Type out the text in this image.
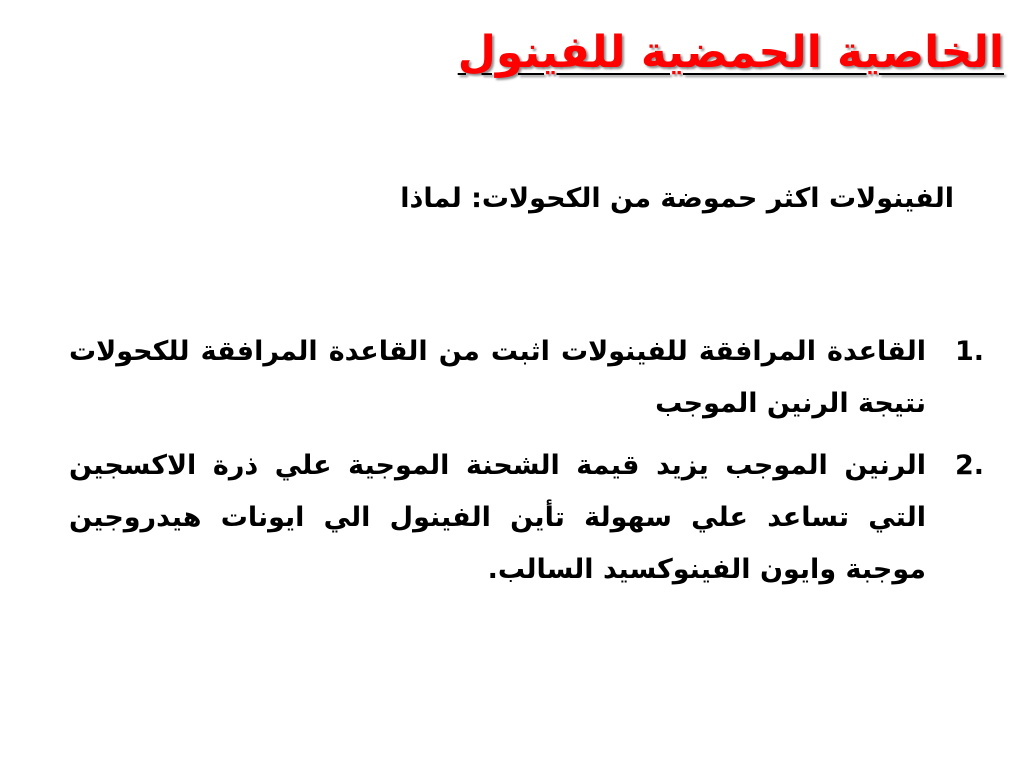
الخاصية الحمضية للفينول

الفينولات اكثر حموضة من الكحولات: لماذا

1.
القاعدة المرافقة للفينولات اثبت من القاعدة المرافقة للكحولات نتيجة الرنين الموجب
2.
الرنين الموجب يزيد قيمة الشحنة الموجية علي ذرة الاكسجين التي تساعد علي سهولة تأين الفينول الي ايونات هيدروجين موجبة وايون الفينوكسيد السالب.
